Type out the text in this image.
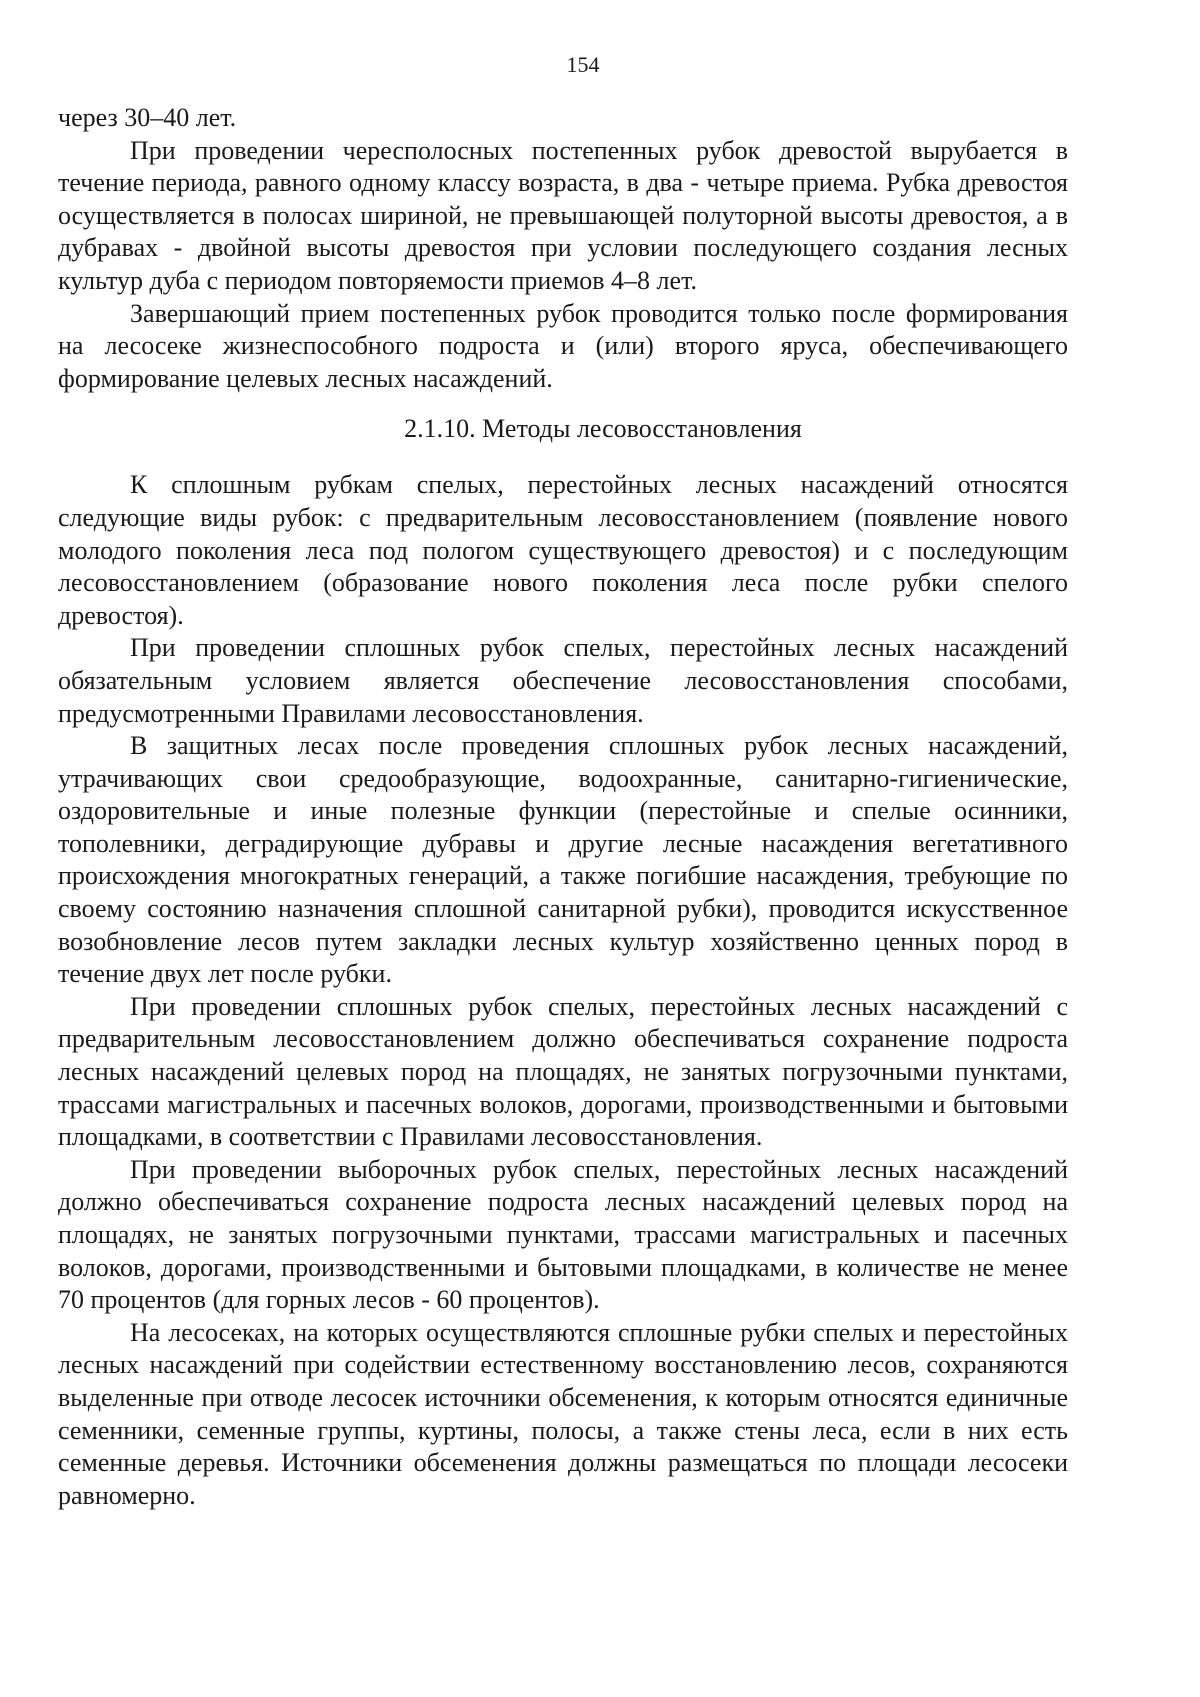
154

через 30–40 лет.

При проведении чересполосных постепенных рубок древостой вырубается в течение периода, равного одному классу возраста, в два - четыре приема. Рубка древостоя осуществляется в полосах шириной, не превышающей полуторной высоты древостоя, а в дубравах - двойной высоты древостоя при условии последующего создания лесных культур дуба с периодом повторяемости приемов 4–8 лет.

Завершающий прием постепенных рубок проводится только после формирования на лесосеке жизнеспособного подроста и (или) второго яруса, обеспечивающего формирование целевых лесных насаждений.

2.1.10. Методы лесовосстановления

К сплошным рубкам спелых, перестойных лесных насаждений относятся следующие виды рубок: с предварительным лесовосстановлением (появление нового молодого поколения леса под пологом существующего древостоя) и с последующим лесовосстановлением (образование нового поколения леса после рубки спелого древостоя).

При проведении сплошных рубок спелых, перестойных лесных насаждений обязательным условием является обеспечение лесовосстановления способами, предусмотренными Правилами лесовосстановления.

В защитных лесах после проведения сплошных рубок лесных насаждений, утрачивающих свои средообразующие, водоохранные, санитарно-гигиенические, оздоровительные и иные полезные функции (перестойные и спелые осинники, тополевники, деградирующие дубравы и другие лесные насаждения вегетативного происхождения многократных генераций, а также погибшие насаждения, требующие по своему состоянию назначения сплошной санитарной рубки), проводится искусственное возобновление лесов путем закладки лесных культур хозяйственно ценных пород в течение двух лет после рубки.

При проведении сплошных рубок спелых, перестойных лесных насаждений с предварительным лесовосстановлением должно обеспечиваться сохранение подроста лесных насаждений целевых пород на площадях, не занятых погрузочными пунктами, трассами магистральных и пасечных волоков, дорогами, производственными и бытовыми площадками, в соответствии с Правилами лесовосстановления.

При проведении выборочных рубок спелых, перестойных лесных насаждений должно обеспечиваться сохранение подроста лесных насаждений целевых пород на площадях, не занятых погрузочными пунктами, трассами магистральных и пасечных волоков, дорогами, производственными и бытовыми площадками, в количестве не менее 70 процентов (для горных лесов - 60 процентов).

На лесосеках, на которых осуществляются сплошные рубки спелых и перестойных лесных насаждений при содействии естественному восстановлению лесов, сохраняются выделенные при отводе лесосек источники обсеменения, к которым относятся единичные семенники, семенные группы, куртины, полосы, а также стены леса, если в них есть семенные деревья. Источники обсеменения должны размещаться по площади лесосеки равномерно.
